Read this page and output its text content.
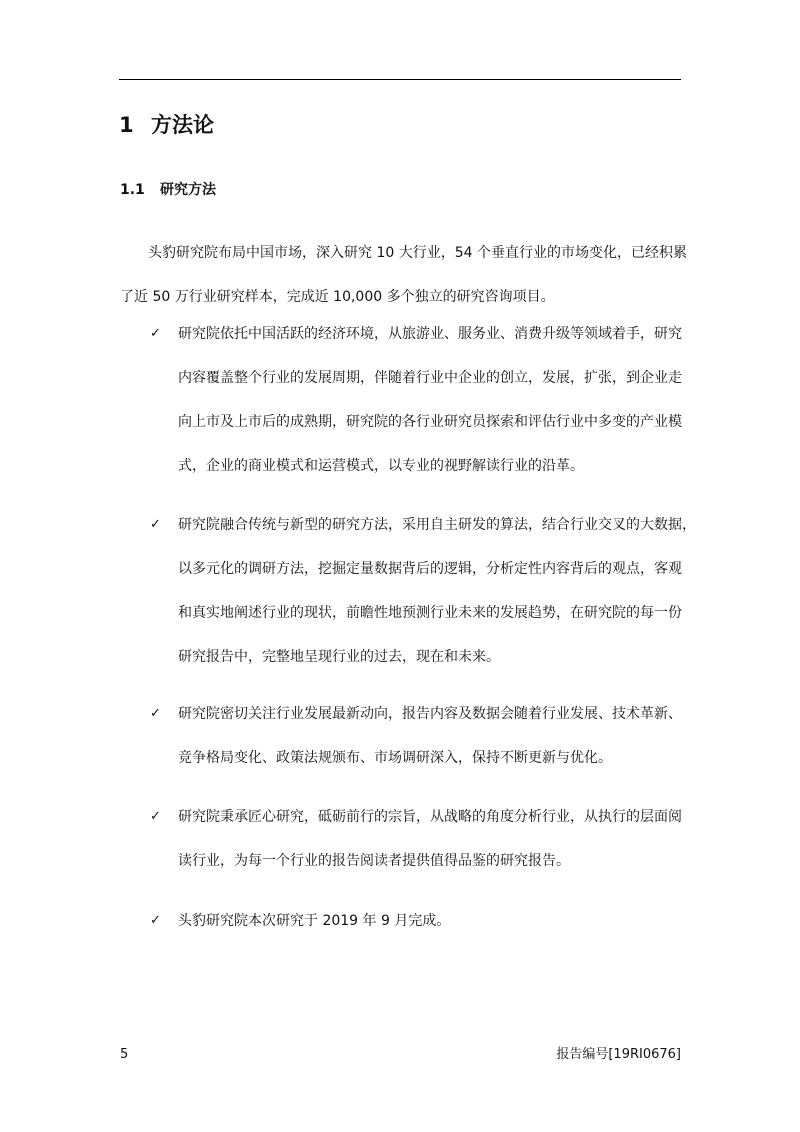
1 方法论
1.1 研究方法
头豹研究院布局中国市场，深入研究 10 大行业，54 个垂直行业的市场变化，已经积累
了近 50 万行业研究样本，完成近 10,000 多个独立的研究咨询项目。
✓	研究院依托中国活跃的经济环境，从旅游业、服务业、消费升级等领域着手，研究
内容覆盖整个行业的发展周期，伴随着行业中企业的创立，发展，扩张，到企业走
向上市及上市后的成熟期，研究院的各行业研究员探索和评估行业中多变的产业模
式，企业的商业模式和运营模式，以专业的视野解读行业的沿革。
✓	研究院融合传统与新型的研究方法，采用自主研发的算法，结合行业交叉的大数据，
以多元化的调研方法，挖掘定量数据背后的逻辑，分析定性内容背后的观点，客观
和真实地阐述行业的现状，前瞻性地预测行业未来的发展趋势，在研究院的每一份
研究报告中，完整地呈现行业的过去，现在和未来。
✓	研究院密切关注行业发展最新动向，报告内容及数据会随着行业发展、技术革新、
竞争格局变化、政策法规颁布、市场调研深入，保持不断更新与优化。
✓	研究院秉承匠心研究，砥砺前行的宗旨，从战略的角度分析行业，从执行的层面阅
读行业，为每一个行业的报告阅读者提供值得品鉴的研究报告。
✓	头豹研究院本次研究于 2019 年 9 月完成。
5	报告编号[19RI0676]
